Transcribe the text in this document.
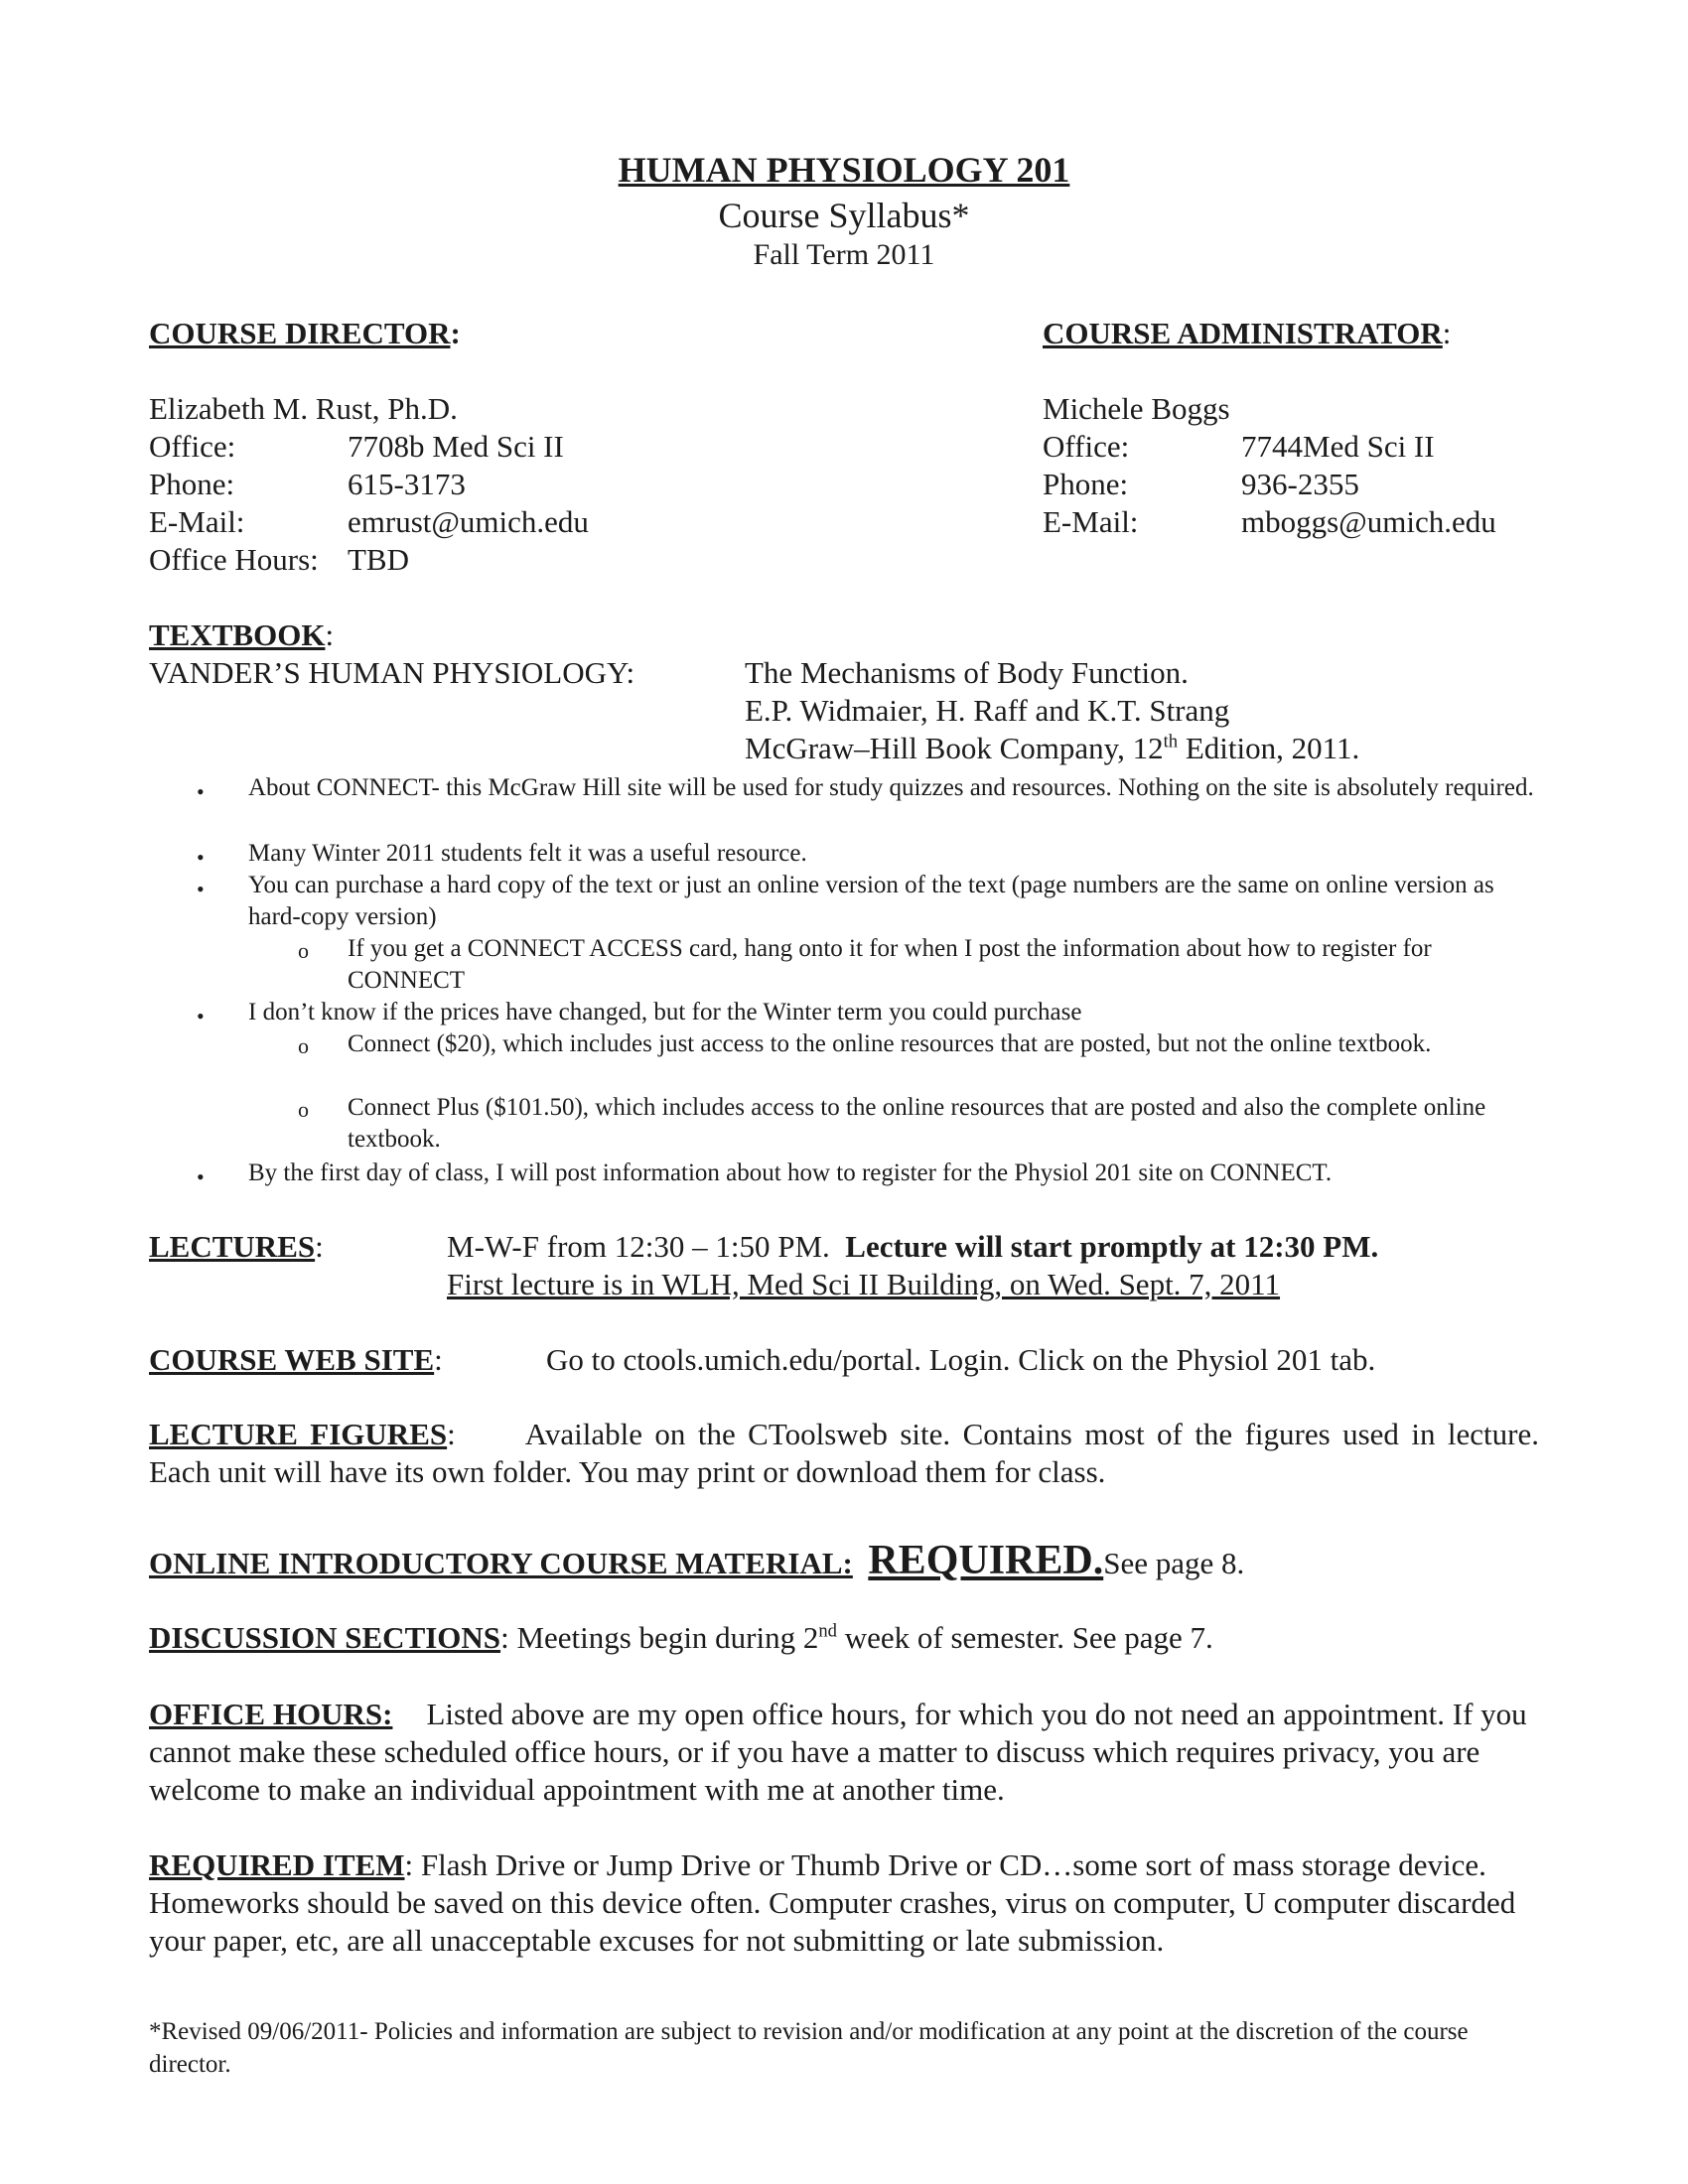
HUMAN PHYSIOLOGY 201
Course Syllabus*
Fall Term 2011
COURSE DIRECTOR:
Elizabeth M. Rust, Ph.D.
Office:	7708b Med Sci II
Phone:	615-3173
E-Mail:	emrust@umich.edu
Office Hours: TBD
COURSE ADMINISTRATOR:
Michele Boggs
Office:	7744Med Sci II
Phone:	936-2355
E-Mail:	mboggs@umich.edu
TEXTBOOK:
VANDER’S HUMAN PHYSIOLOGY:	The Mechanisms of Body Function.
E.P. Widmaier, H. Raff and K.T. Strang
McGraw–Hill Book Company, 12th Edition, 2011.
• About CONNECT- this McGraw Hill site will be used for study quizzes and resources. Nothing on the site is absolutely required.
• Many Winter 2011 students felt it was a useful resource.
• You can purchase a hard copy of the text or just an online version of the text (page numbers are the same on online version as hard-copy version)
o If you get a CONNECT ACCESS card, hang onto it for when I post the information about how to register for CONNECT
• I don’t know if the prices have changed, but for the Winter term you could purchase
o Connect ($20), which includes just access to the online resources that are posted, but not the online textbook.
o Connect Plus ($101.50), which includes access to the online resources that are posted and also the complete online textbook.
• By the first day of class, I will post information about how to register for the Physiol 201 site on CONNECT.
LECTURES:	M-W-F from 12:30 – 1:50 PM. Lecture will start promptly at 12:30 PM.
First lecture is in WLH, Med Sci II Building, on Wed. Sept. 7, 2011
COURSE WEB SITE:	Go to ctools.umich.edu/portal. Login. Click on the Physiol 201 tab.
LECTURE FIGURES: Available on the CToolsweb site. Contains most of the figures used in lecture. Each unit will have its own folder. You may print or download them for class.
ONLINE INTRODUCTORY COURSE MATERIAL: REQUIRED.See page 8.
DISCUSSION SECTIONS: Meetings begin during 2nd week of semester. See page 7.
OFFICE HOURS: Listed above are my open office hours, for which you do not need an appointment. If you cannot make these scheduled office hours, or if you have a matter to discuss which requires privacy, you are welcome to make an individual appointment with me at another time.
REQUIRED ITEM: Flash Drive or Jump Drive or Thumb Drive or CD…some sort of mass storage device. Homeworks should be saved on this device often. Computer crashes, virus on computer, U computer discarded your paper, etc, are all unacceptable excuses for not submitting or late submission.
*Revised 09/06/2011- Policies and information are subject to revision and/or modification at any point at the discretion of the course director.
